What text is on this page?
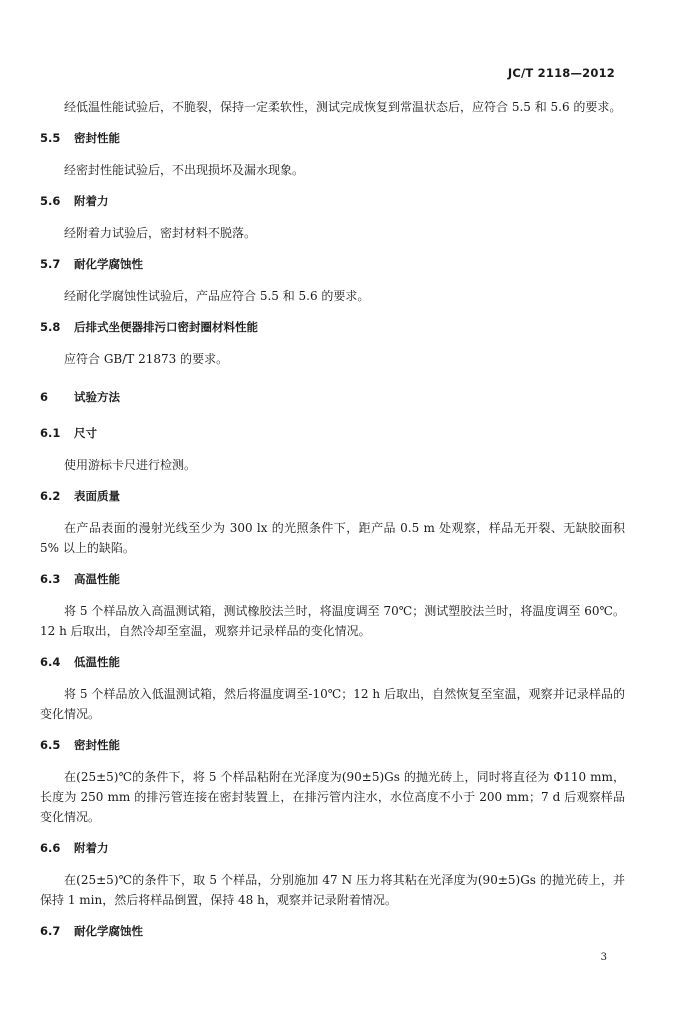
JC/T 2118—2012

经低温性能试验后，不脆裂，保持一定柔软性，测试完成恢复到常温状态后，应符合 5.5 和 5.6 的要求。

5.5 密封性能

经密封性能试验后，不出现损坏及漏水现象。

5.6 附着力

经附着力试验后，密封材料不脱落。

5.7 耐化学腐蚀性

经耐化学腐蚀性试验后，产品应符合 5.5 和 5.6 的要求。

5.8 后排式坐便器排污口密封圈材料性能

应符合 GB/T 21873 的要求。

6 试验方法
6.1 尺寸

使用游标卡尺进行检测。

6.2 表面质量

在产品表面的漫射光线至少为 300 lx 的光照条件下，距产品 0.5 m 处观察，样品无开裂、无缺胶面积 5% 以上的缺陷。

6.3 高温性能

将 5 个样品放入高温测试箱，测试橡胶法兰时，将温度调至 70℃；测试塑胶法兰时，将温度调至 60℃。12 h 后取出，自然冷却至室温，观察并记录样品的变化情况。

6.4 低温性能

将 5 个样品放入低温测试箱，然后将温度调至-10℃；12 h 后取出，自然恢复至室温，观察并记录样品的变化情况。

6.5 密封性能

在(25±5)℃的条件下，将 5 个样品粘附在光泽度为(90±5)Gs 的抛光砖上，同时将直径为 Φ110 mm，长度为 250 mm 的排污管连接在密封装置上，在排污管内注水，水位高度不小于 200 mm；7 d 后观察样品变化情况。

6.6 附着力

在(25±5)℃的条件下，取 5 个样品，分别施加 47 N 压力将其粘在光泽度为(90±5)Gs 的抛光砖上，并保持 1 min，然后将样品倒置，保持 48 h，观察并记录附着情况。

6.7 耐化学腐蚀性
3
